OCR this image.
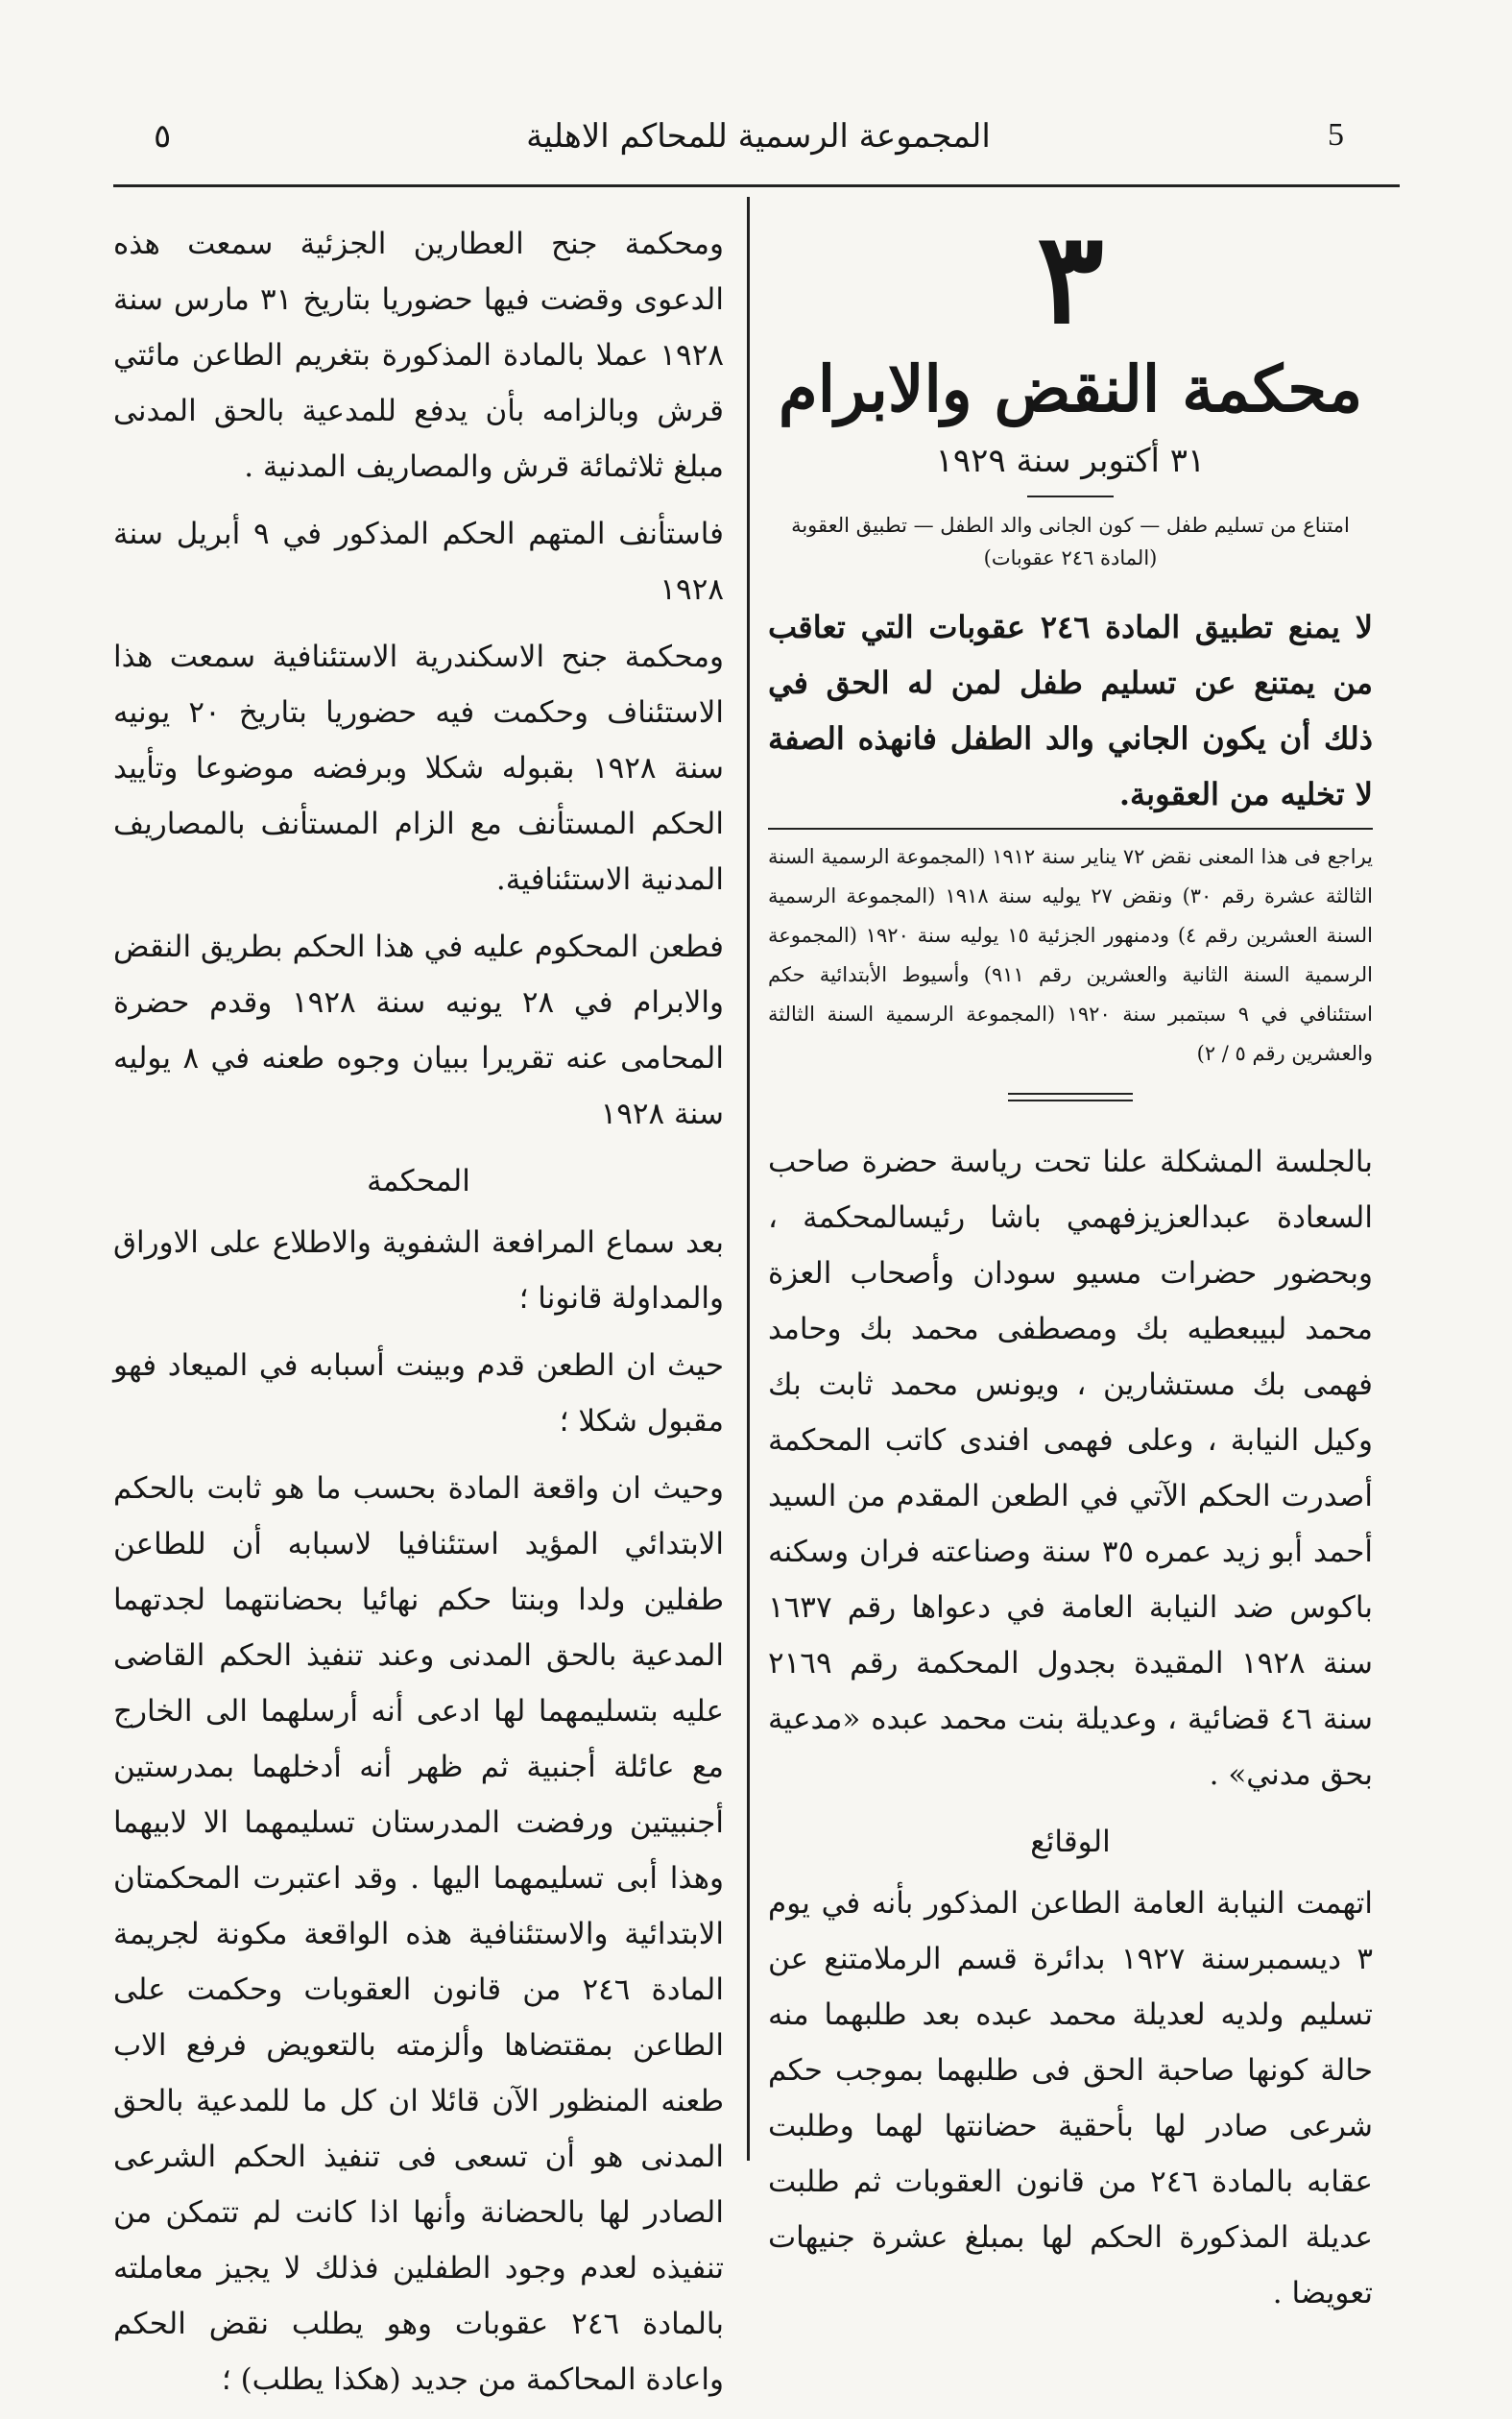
٥	المجموعة الرسمية للمحاكم الاهلية	5
٣
محكمة النقض والابرام
٣١ أكتوبر سنة ١٩٢٩
امتناع من تسليم طفل — كون الجانى والد الطفل — تطبيق العقوبة (المادة ٢٤٦ عقوبات)
لا يمنع تطبيق المادة ٢٤٦ عقوبات التي تعاقب من يمتنع عن تسليم طفل لمن له الحق في ذلك أن يكون الجاني والد الطفل فانهذه الصفة لا تخليه من العقوبة.
يراجع فى هذا المعنى نقض ٧٢ يناير سنة ١٩١٢ (المجموعة الرسمية السنة الثالثة عشرة رقم ٣٠) ونقض ٢٧ يوليه سنة ١٩١٨ (المجموعة الرسمية السنة العشرين رقم ٤) ودمنهور الجزئية ١٥ يوليه سنة ١٩٢٠ (المجموعة الرسمية السنة الثانية والعشرين رقم ٩١١) وأسيوط الأبتدائية حكم استئنافي في ٩ سبتمبر سنة ١٩٢٠ (المجموعة الرسمية السنة الثالثة والعشرين رقم ٥ / ٢)

بالجلسة المشكلة علنا تحت رياسة حضرة صاحب السعادة عبدالعزيزفهمي باشا رئيسالمحكمة ، وبحضور حضرات مسيو سودان وأصحاب العزة محمد لبيبعطيه بك ومصطفى محمد بك وحامد فهمى بك مستشارين ، ويونس محمد ثابت بك وكيل النيابة ، وعلى فهمى افندى كاتب المحكمة أصدرت الحكم الآتي في الطعن المقدم من السيد أحمد أبو زيد عمره ٣٥ سنة وصناعته فران وسكنه باكوس ضد النيابة العامة في دعواها رقم ١٦٣٧ سنة ١٩٢٨ المقيدة بجدول المحكمة رقم ٢١٦٩ سنة ٤٦ قضائية ، وعديلة بنت محمد عبده «مدعية بحق مدني» .

الوقائع

اتهمت النيابة العامة الطاعن المذكور بأنه في يوم ٣ ديسمبرسنة ١٩٢٧ بدائرة قسم الرملامتنع عن تسليم ولديه لعديلة محمد عبده بعد طلبهما منه حالة كونها صاحبة الحق فى طلبهما بموجب حكم شرعى صادر لها بأحقية حضانتها لهما وطلبت عقابه بالمادة ٢٤٦ من قانون العقوبات ثم طلبت عديلة المذكورة الحكم لها بمبلغ عشرة جنيهات تعويضا .

ومحكمة جنح العطارين الجزئية سمعت هذه الدعوى وقضت فيها حضوريا بتاريخ ٣١ مارس سنة ١٩٢٨ عملا بالمادة المذكورة بتغريم الطاعن مائتي قرش وبالزامه بأن يدفع للمدعية بالحق المدنى مبلغ ثلاثمائة قرش والمصاريف المدنية .

فاستأنف المتهم الحكم المذكور في ٩ أبريل سنة ١٩٢٨

ومحكمة جنح الاسكندرية الاستئنافية سمعت هذا الاستئناف وحكمت فيه حضوريا بتاريخ ٢٠ يونيه سنة ١٩٢٨ بقبوله شكلا وبرفضه موضوعا وتأييد الحكم المستأنف مع الزام المستأنف بالمصاريف المدنية الاستئنافية.

فطعن المحكوم عليه في هذا الحكم بطريق النقض والابرام في ٢٨ يونيه سنة ١٩٢٨ وقدم حضرة المحامى عنه تقريرا ببيان وجوه طعنه في ٨ يوليه سنة ١٩٢٨

المحكمة

بعد سماع المرافعة الشفوية والاطلاع على الاوراق والمداولة قانونا ؛

حيث ان الطعن قدم وبينت أسبابه في الميعاد فهو مقبول شكلا ؛

وحيث ان واقعة المادة بحسب ما هو ثابت بالحكم الابتدائي المؤيد استئنافيا لاسبابه أن للطاعن طفلين ولدا وبنتا حكم نهائيا بحضانتهما لجدتهما المدعية بالحق المدنى وعند تنفيذ الحكم القاضى عليه بتسليمهما لها ادعى أنه أرسلهما الى الخارج مع عائلة أجنبية ثم ظهر أنه أدخلهما بمدرستين أجنبيتين ورفضت المدرستان تسليمهما الا لابيهما وهذا أبى تسليمهما اليها . وقد اعتبرت المحكمتان الابتدائية والاستئنافية هذه الواقعة مكونة لجريمة المادة ٢٤٦ من قانون العقوبات وحكمت على الطاعن بمقتضاها وألزمته بالتعويض فرفع الاب طعنه المنظور الآن قائلا ان كل ما للمدعية بالحق المدنى هو أن تسعى فى تنفيذ الحكم الشرعى الصادر لها بالحضانة وأنها اذا كانت لم تتمكن من تنفيذه لعدم وجود الطفلين فذلك لا يجيز معاملته بالمادة ٢٤٦ عقوبات وهو يطلب نقض الحكم واعادة المحاكمة من جديد (هكذا يطلب) ؛
